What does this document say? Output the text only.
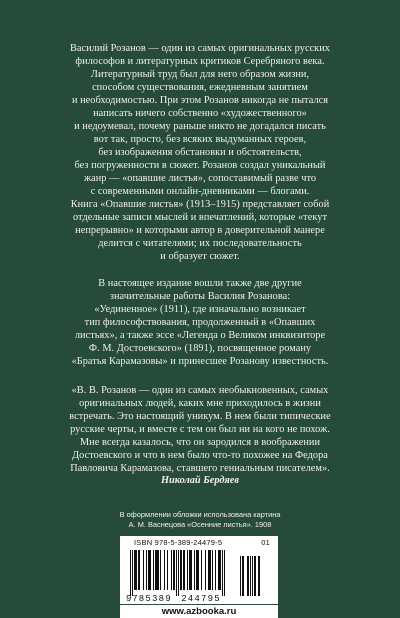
Василий Розанов — один из самых оригинальных русских
философов и литературных критиков Серебряного века.
Литературный труд был для него образом жизни,
способом существования, ежедневным занятием
и необходимостью. При этом Розанов никогда не пытался
написать ничего собственно «художественного»
и недоумевал, почему раньше никто не догадался писать
вот так, просто, без всяких выдуманных героев,
без изображения обстановки и обстоятельств,
без погруженности в сюжет. Розанов создал уникальный
жанр — «опавшие листья», сопоставимый разве что
с современными онлайн-дневниками — блогами.
Книга «Опавшие листья» (1913–1915) представляет собой
отдельные записи мыслей и впечатлений, которые «текут
непрерывно» и которыми автор в доверительной манере
делится с читателями; их последовательность
и образует сюжет.

В настоящее издание вошли также две другие
значительные работы Василия Розанова:
«Уединенное» (1911), где изначально возникает
тип философствования, продолженный в «Опавших
листьях», а также эссе «Легенда о Великом инквизиторе
Ф. М. Достоевского» (1891), посвященное роману
«Братья Карамазовы» и принесшее Розанову известность.

«В. В. Розанов — один из самых необыкновенных, самых
оригинальных людей, каких мне приходилось в жизни
встречать. Это настоящий уникум. В нем были типические
русские черты, и вместе с тем он был ни на кого не похож.
Мне всегда казалось, что он зародился в воображении
Достоевского и что в нем было что-то похожее на Федора
Павловича Карамазова, ставшего гениальным писателем».

Николай Бердяев

В оформлении обложки использована картина
А. М. Васнецова «Осенние листья». 1908
ISBN 978-5-389-24479-5	01
9 785389 244795
www.azbooka.ru
